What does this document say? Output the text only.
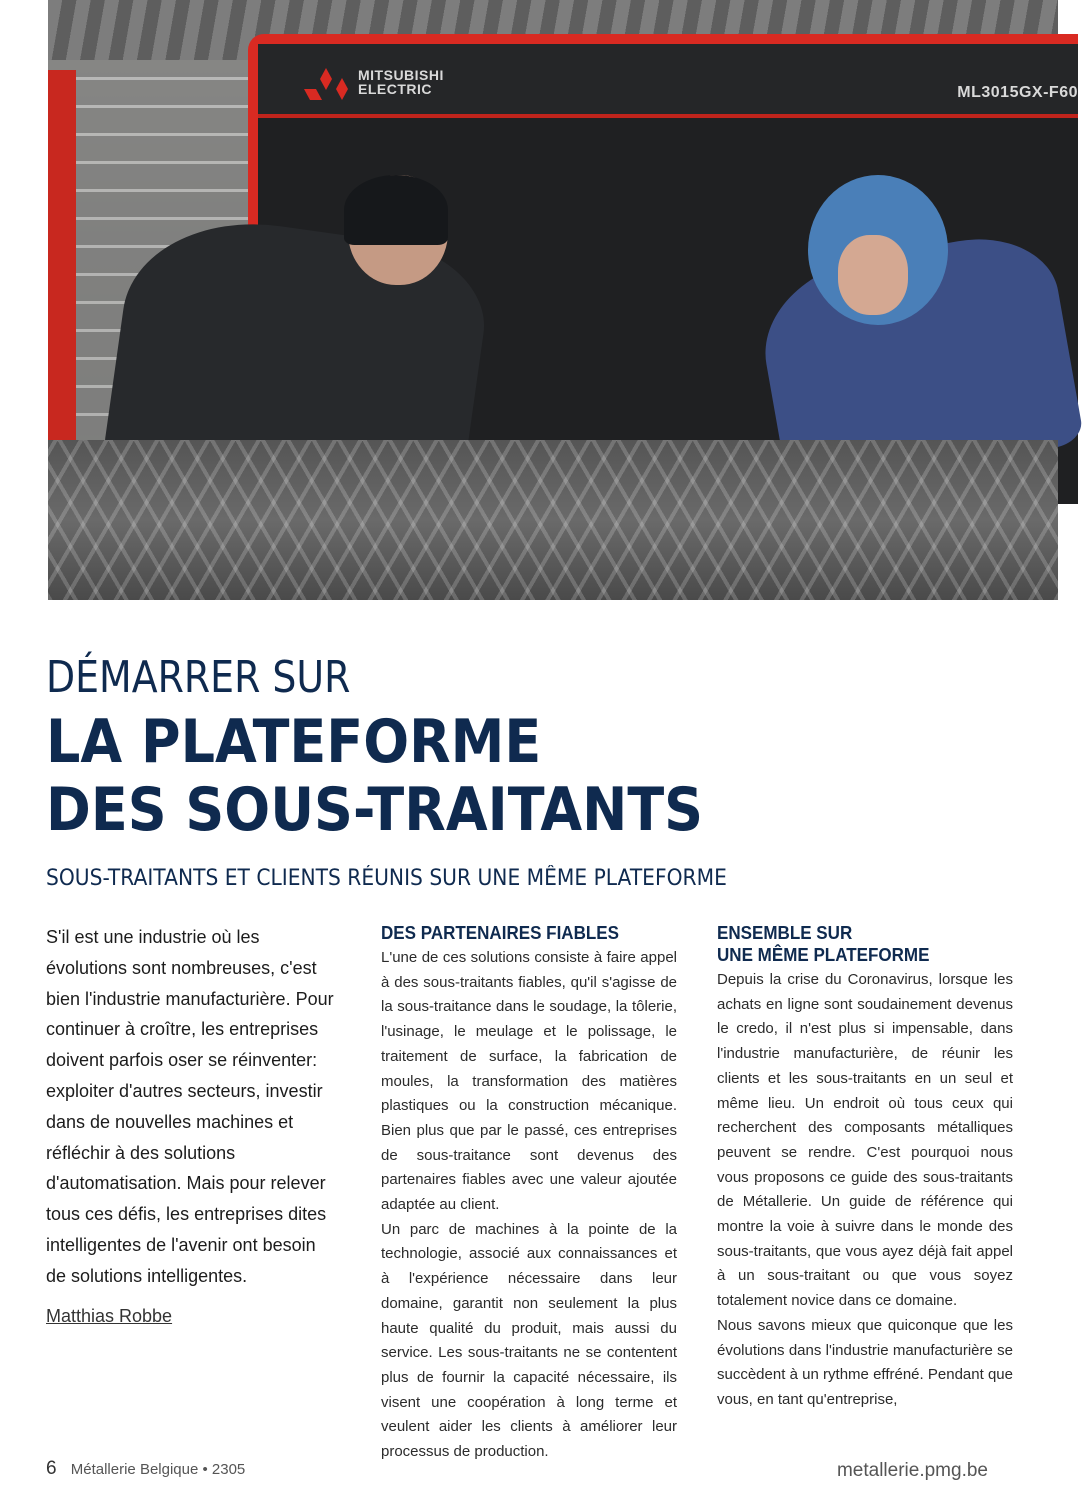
MITSUBISHI
ELECTRIC	ML3015GX-F60
DÉMARRER SUR
LA PLATEFORME
DES SOUS-TRAITANTS
SOUS-TRAITANTS ET CLIENTS RÉUNIS SUR UNE MÊME PLATEFORME

S'il est une industrie où les évolutions sont nombreuses, c'est bien l'industrie manufacturière. Pour continuer à croître, les entreprises doivent parfois oser se réinventer: exploiter d'autres secteurs, investir dans de nouvelles machines et réfléchir à des solutions d'automatisation. Mais pour relever tous ces défis, les entreprises dites intelligentes de l'avenir ont besoin de solutions intelligentes.

Matthias Robbe
DES PARTENAIRES FIABLES

L'une de ces solutions consiste à faire appel à des sous-traitants fiables, qu'il s'agisse de la sous-traitance dans le soudage, la tôlerie, l'usinage, le meulage et le polissage, le traitement de surface, la fabrication de moules, la transformation des matières plastiques ou la construction mécanique. Bien plus que par le passé, ces entreprises de sous-traitance sont devenus des partenaires fiables avec une valeur ajoutée adaptée au client.

Un parc de machines à la pointe de la technologie, associé aux connaissances et à l'expérience nécessaire dans leur domaine, garantit non seulement la plus haute qualité du produit, mais aussi du service. Les sous-traitants ne se contentent plus de fournir la capacité nécessaire, ils visent une coopération à long terme et veulent aider les clients à améliorer leur processus de production.

ENSEMBLE SUR
UNE MÊME PLATEFORME

Depuis la crise du Coronavirus, lorsque les achats en ligne sont soudainement devenus le credo, il n'est plus si impensable, dans l'industrie manufacturière, de réunir les clients et les sous-traitants en un seul et même lieu. Un endroit où tous ceux qui recherchent des composants métalliques peuvent se rendre. C'est pourquoi nous vous proposons ce guide des sous-traitants de Métallerie. Un guide de référence qui montre la voie à suivre dans le monde des sous-traitants, que vous ayez déjà fait appel à un sous-traitant ou que vous soyez totalement novice dans ce domaine.

Nous savons mieux que quiconque que les évolutions dans l'industrie manufacturière se succèdent à un rythme effréné. Pendant que vous, en tant qu'entreprise,

6 Métallerie Belgique • 2305	metallerie.pmg.be
